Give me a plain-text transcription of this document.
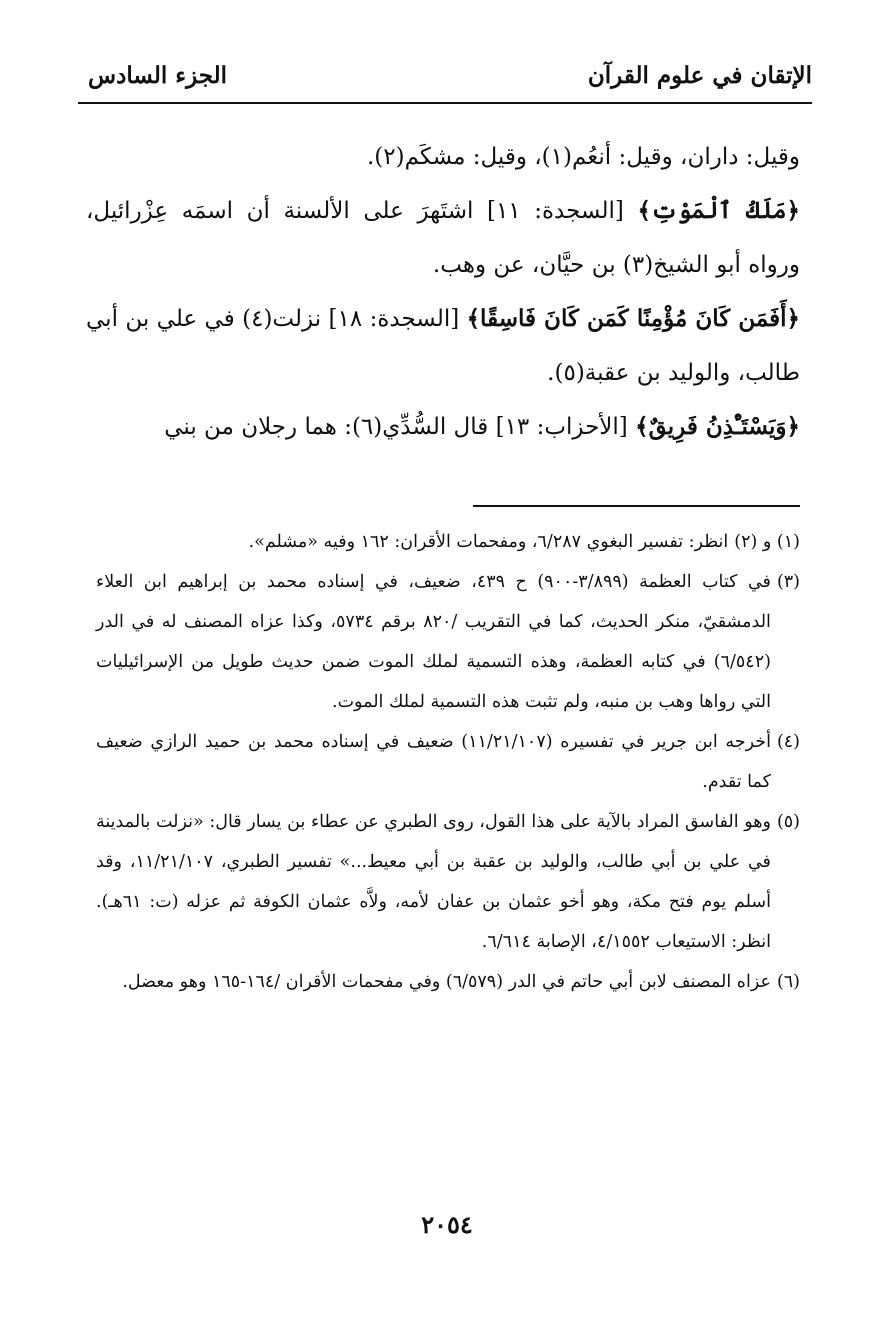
الإتقان في علوم القرآن
الجزء السادس

وقيل: داران، وقيل: أنعُم(١)، وقيل: مشكَم(٢).

﴿مَلَكُ ٱلْمَوْتِ﴾ [السجدة: ١١] اشتَهرَ على الألسنة أن اسمَه عِزْرائيل، ورواه أبو الشيخ(٣) بن حيَّان، عن وهب.

﴿أَفَمَن كَانَ مُؤْمِنًا كَمَن كَانَ فَاسِقًا﴾ [السجدة: ١٨] نزلت(٤) في علي بن أبي طالب، والوليد بن عقبة(٥).

﴿وَيَسْتَـْٔذِنُ فَرِيقٌ﴾ [الأحزاب: ١٣] قال السُّدِّي(٦): هما رجلان من بني

(١) و (٢)
انظر: تفسير البغوي ٦/٢٨٧، ومفحمات الأقران: ١٦٢ وفيه «مشلم».
(٣)
في كتاب العظمة (٣/٨٩٩-٩٠٠) ح ٤٣٩، ضعيف، في إسناده محمد بن إبراهيم ابن العلاء الدمشقيّ، منكر الحديث، كما في التقريب /٨٢٠ برقم ٥٧٣٤، وكذا عزاه المصنف له في الدر (٦/٥٤٢) في كتابه العظمة، وهذه التسمية لملك الموت ضمن حديث طويل من الإسرائيليات التي رواها وهب بن منبه، ولم تثبت هذه التسمية لملك الموت.
(٤)
أخرجه ابن جرير في تفسيره (١١/٢١/١٠٧) ضعيف في إسناده محمد بن حميد الرازي ضعيف كما تقدم.
(٥)
وهو الفاسق المراد بالآية على هذا القول، روى الطبري عن عطاء بن يسار قال: «نزلت بالمدينة في علي بن أبي طالب، والوليد بن عقبة بن أبي معيط...» تفسير الطبري، ١١/٢١/١٠٧، وقد أسلم يوم فتح مكة، وهو أخو عثمان بن عفان لأمه، ولاَّه عثمان الكوفة ثم عزله (ت: ٦١هـ). انظر: الاستيعاب ٤/١٥٥٢، الإصابة ٦/٦١٤.
(٦)
عزاه المصنف لابن أبي حاتم في الدر (٦/٥٧٩) وفي مفحمات الأقران /١٦٤-١٦٥ وهو معضل.
٢٠٥٤
